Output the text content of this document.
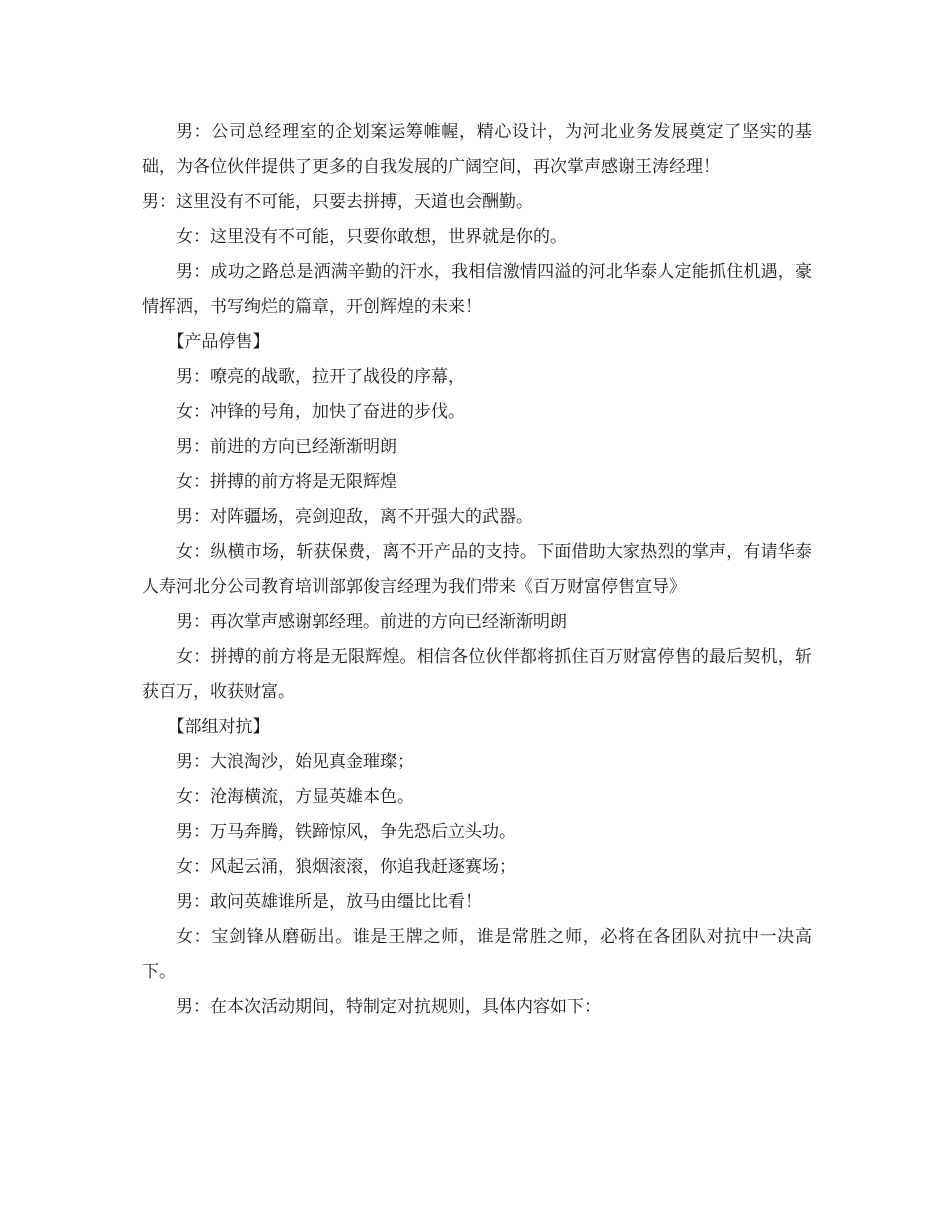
男：公司总经理室的企划案运筹帷幄，精心设计，为河北业务发展奠定了坚实的基础，为各位伙伴提供了更多的自我发展的广阔空间，再次掌声感谢王涛经理！

男：这里没有不可能，只要去拼搏，天道也会酬勤。

女：这里没有不可能，只要你敢想，世界就是你的。

男：成功之路总是洒满辛勤的汗水，我相信激情四溢的河北华泰人定能抓住机遇，豪情挥洒，书写绚烂的篇章，开创辉煌的未来！

【产品停售】

男：嘹亮的战歌，拉开了战役的序幕，

女：冲锋的号角，加快了奋进的步伐。

男：前进的方向已经渐渐明朗

女：拼搏的前方将是无限辉煌

男：对阵疆场，亮剑迎敌，离不开强大的武器。

女：纵横市场，斩获保费，离不开产品的支持。下面借助大家热烈的掌声，有请华泰人寿河北分公司教育培训部郭俊言经理为我们带来《百万财富停售宣导》

男：再次掌声感谢郭经理。前进的方向已经渐渐明朗

女：拼搏的前方将是无限辉煌。相信各位伙伴都将抓住百万财富停售的最后契机，斩获百万，收获财富。

【部组对抗】

男：大浪淘沙，始见真金璀璨；

女：沧海横流，方显英雄本色。

男：万马奔腾，铁蹄惊风，争先恐后立头功。

女：风起云涌，狼烟滚滚，你追我赶逐赛场；

男：敢问英雄谁所是，放马由缰比比看！

女：宝剑锋从磨砺出。谁是王牌之师，谁是常胜之师，必将在各团队对抗中一决高下。

男：在本次活动期间，特制定对抗规则，具体内容如下：
